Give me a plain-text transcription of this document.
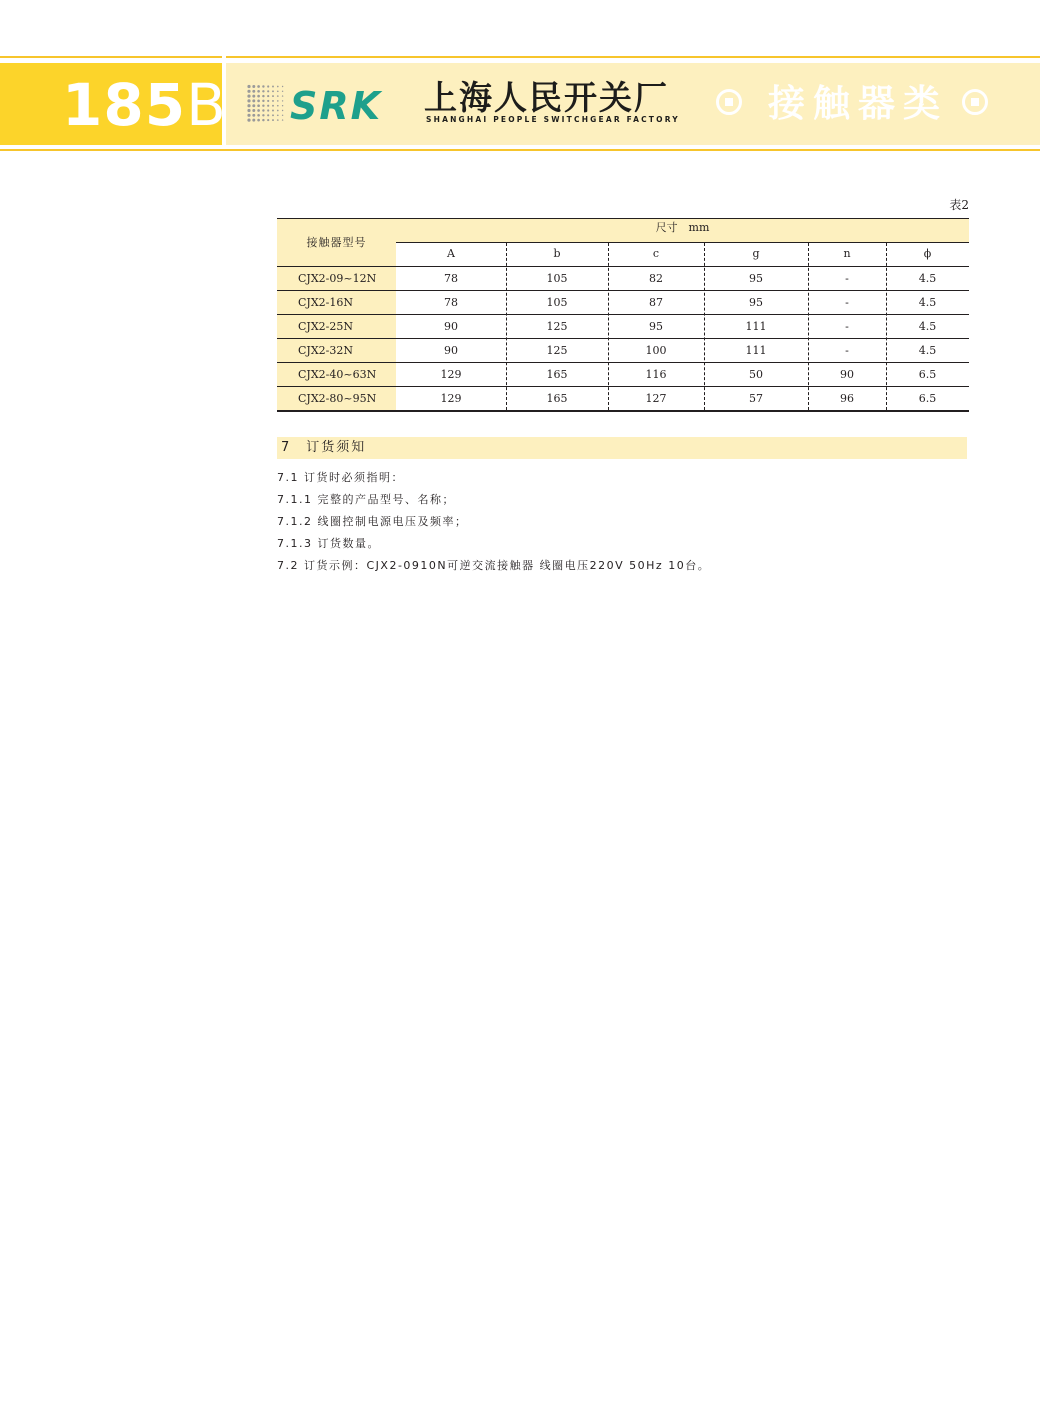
185B SRK 上海人民开关厂
SHANGHAI PEOPLE SWITCHGEAR FACTORY 接触器类
表2
接触器型号
尺寸　mm
A	b	c	g	n	ϕ
CJX2-09~12N	78	105	82	95	-	4.5
CJX2-16N	78	105	87	95	-	4.5
CJX2-25N	90	125	95	111	-	4.5
CJX2-32N	90	125	100	111	-	4.5
CJX2-40~63N	129	165	116	50	90	6.5
CJX2-80~95N	129	165	127	57	96	6.5
7　订货须知
7.1 订货时必须指明：
7.1.1 完整的产品型号、名称；
7.1.2 线圈控制电源电压及频率；
7.1.3 订货数量。
7.2 订货示例：CJX2-0910N可逆交流接触器 线圈电压220V 50Hz 10台。
